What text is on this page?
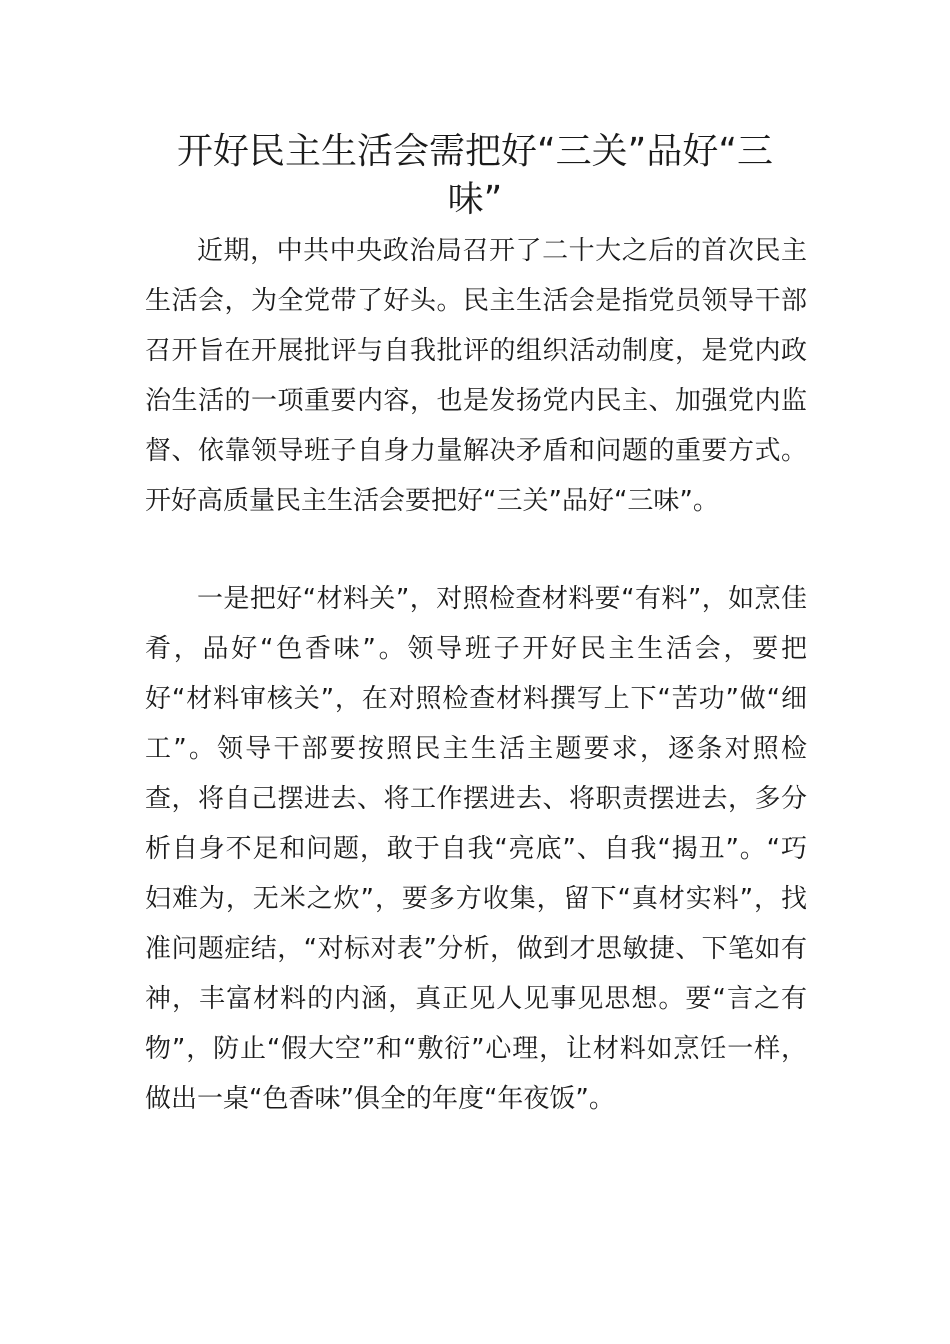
开好民主生活会需把好“三关”品好“三味”

近期，中共中央政治局召开了二十大之后的首次民主生活会，为全党带了好头。民主生活会是指党员领导干部召开旨在开展批评与自我批评的组织活动制度，是党内政治生活的一项重要内容，也是发扬党内民主、加强党内监督、依靠领导班子自身力量解决矛盾和问题的重要方式。开好高质量民主生活会要把好“三关”品好“三味”。

一是把好“材料关”，对照检查材料要“有料”，如烹佳肴，品好“色香味”。领导班子开好民主生活会，要把好“材料审核关”，在对照检查材料撰写上下“苦功”做“细工”。领导干部要按照民主生活主题要求，逐条对照检查，将自己摆进去、将工作摆进去、将职责摆进去，多分析自身不足和问题，敢于自我“亮底”、自我“揭丑”。“巧妇难为，无米之炊”，要多方收集，留下“真材实料”，找准问题症结，“对标对表”分析，做到才思敏捷、下笔如有神，丰富材料的内涵，真正见人见事见思想。要“言之有物”，防止“假大空”和“敷衍”心理，让材料如烹饪一样，做出一桌“色香味”俱全的年度“年夜饭”。
